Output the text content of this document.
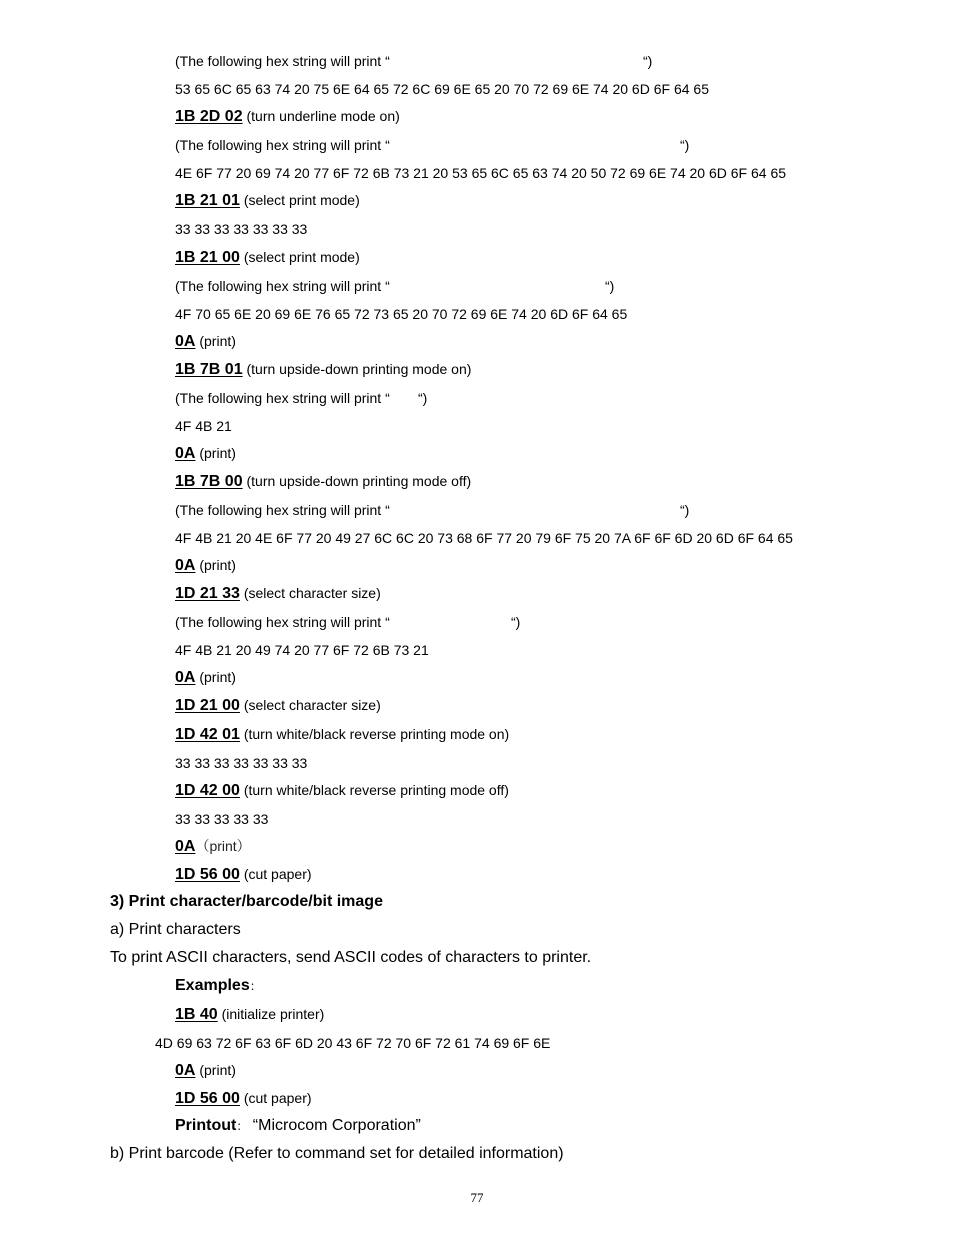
(The following hex string will print “	“)
53 65 6C 65 63 74 20 75 6E 64 65 72 6C 69 6E 65 20 70 72 69 6E 74 20 6D 6F 64 65
1B 2D 02 (turn underline mode on)
(The following hex string will print “	“)
4E 6F 77 20 69 74 20 77 6F 72 6B 73 21 20 53 65 6C 65 63 74 20 50 72 69 6E 74 20 6D 6F 64 65
1B 21 01 (select print mode)
33 33 33 33 33 33 33
1B 21 00 (select print mode)
(The following hex string will print “	“)
4F 70 65 6E 20 69 6E 76 65 72 73 65 20 70 72 69 6E 74 20 6D 6F 64 65
0A (print)
1B 7B 01 (turn upside-down printing mode on)
(The following hex string will print “ “)
4F 4B 21
0A (print)
1B 7B 00 (turn upside-down printing mode off)
(The following hex string will print “	“)
4F 4B 21 20 4E 6F 77 20 49 27 6C 6C 20 73 68 6F 77 20 79 6F 75 20 7A 6F 6F 6D 20 6D 6F 64 65
0A (print)
1D 21 33 (select character size)
(The following hex string will print “	“)
4F 4B 21 20 49 74 20 77 6F 72 6B 73 21
0A (print)
1D 21 00 (select character size)
1D 42 01 (turn white/black reverse printing mode on)
33 33 33 33 33 33 33
1D 42 00 (turn white/black reverse printing mode off)
33 33 33 33 33
0A（print）
1D 56 00 (cut paper)
3) Print character/barcode/bit image
a) Print characters
To print ASCII characters, send ASCII codes of characters to printer.
Examples：
1B 40 (initialize printer)
4D 69 63 72 6F 63 6F 6D 20 43 6F 72 70 6F 72 61 74 69 6F 6E
0A (print)
1D 56 00 (cut paper)
Printout： “Microcom Corporation”
b) Print barcode (Refer to command set for detailed information)
77
